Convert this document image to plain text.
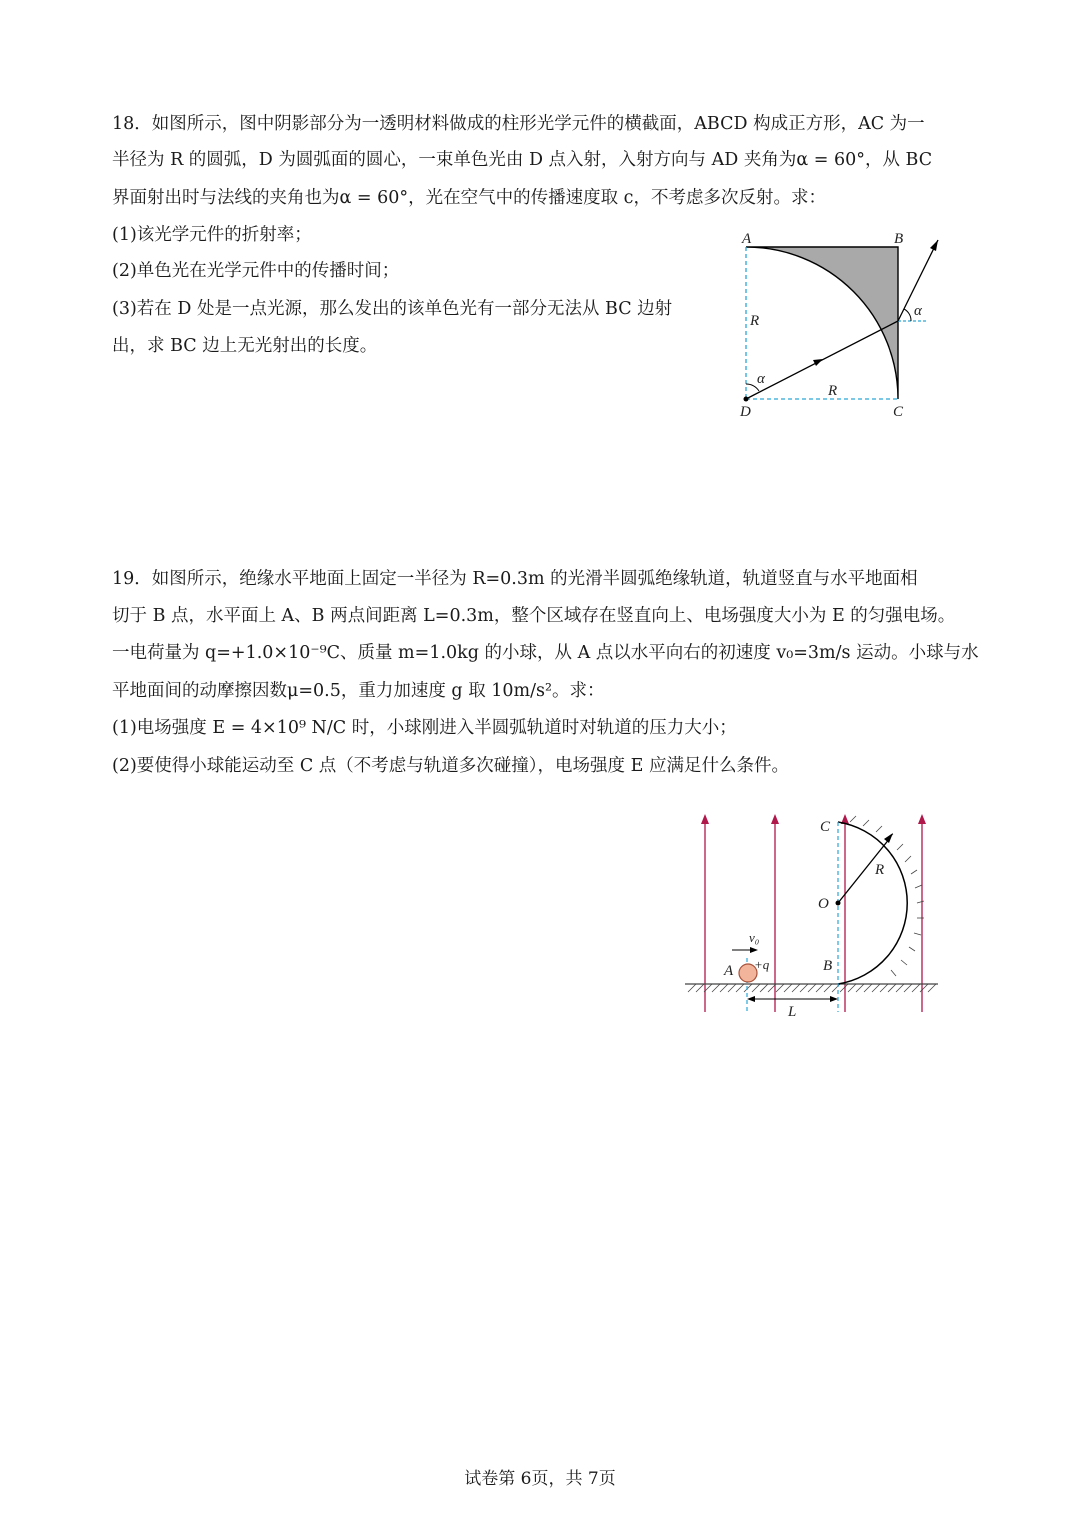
18．如图所示，图中阴影部分为一透明材料做成的柱形光学元件的横截面，ABCD 构成正方形，AC 为一
半径为 R 的圆弧，D 为圆弧面的圆心，一束单色光由 D 点入射，入射方向与 AD 夹角为α = 60°，从 BC
界面射出时与法线的夹角也为α = 60°，光在空气中的传播速度取 c，不考虑多次反射。求：
(1)该光学元件的折射率；
(2)单色光在光学元件中的传播时间；
(3)若在 D 处是一点光源，那么发出的该单色光有一部分无法从 BC 边射
出，求 BC 边上无光射出的长度。
A	B
C
D
R
R
α
α
19．如图所示，绝缘水平地面上固定一半径为 R=0.3m 的光滑半圆弧绝缘轨道，轨道竖直与水平地面相
切于 B 点，水平面上 A、B 两点间距离 L=0.3m，整个区域存在竖直向上、电场强度大小为 E 的匀强电场。
一电荷量为 q=+1.0×10⁻⁹C、质量 m=1.0kg 的小球，从 A 点以水平向右的初速度 v₀=3m/s 运动。小球与水
平地面间的动摩擦因数μ=0.5，重力加速度 g 取 10m/s²。求：
(1)电场强度 E = 4×10⁹ N/C 时，小球刚进入半圆弧轨道时对轨道的压力大小；
(2)要使得小球能运动至 C 点（不考虑与轨道多次碰撞），电场强度 E 应满足什么条件。
C
O
R
A	B
L
v₀
+q
试卷第 6页，共 7页
